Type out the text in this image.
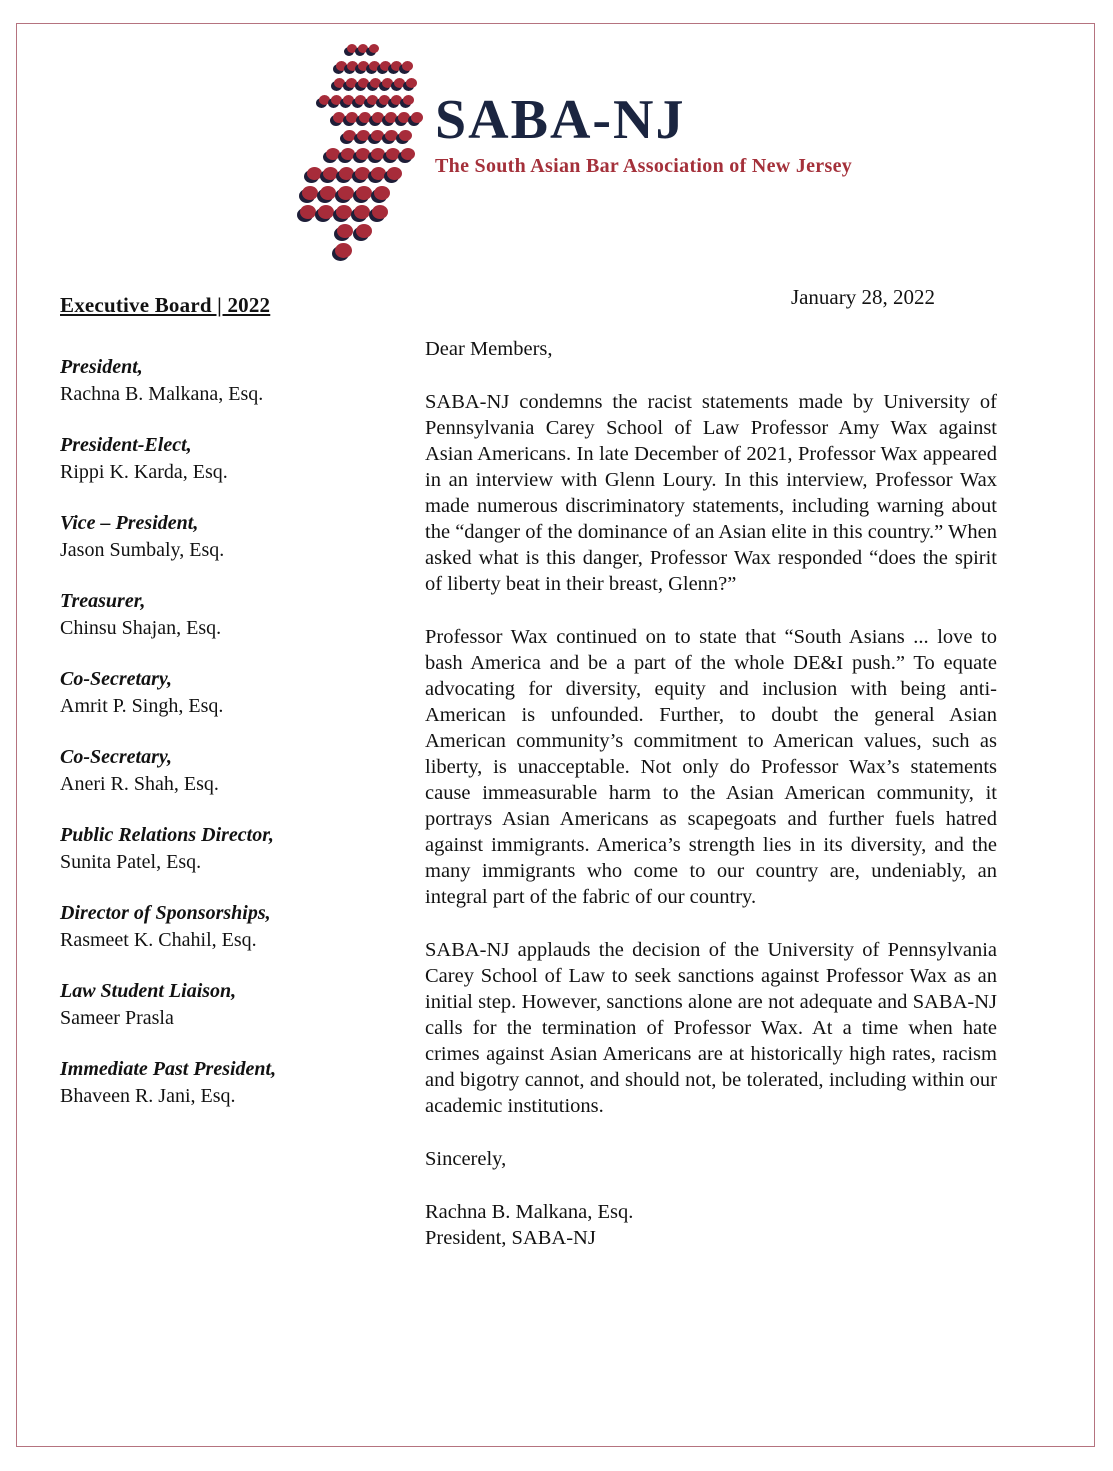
SABA-NJ
The South Asian Bar Association of New Jersey
Executive Board | 2022
President,
Rachna B. Malkana, Esq.
President-Elect,
Rippi K. Karda, Esq.
Vice – President,
Jason Sumbaly, Esq.
Treasurer,
Chinsu Shajan, Esq.
Co-Secretary,
Amrit P. Singh, Esq.
Co-Secretary,
Aneri R. Shah, Esq.
Public Relations Director,
Sunita Patel, Esq.
Director of Sponsorships,
Rasmeet K. Chahil, Esq.
Law Student Liaison,
Sameer Prasla
Immediate Past President,
Bhaveen R. Jani, Esq.
January 28, 2022
Dear Members,

SABA-NJ condemns the racist statements made by University of Pennsylvania Carey School of Law Professor Amy Wax against Asian Americans. In late December of 2021, Professor Wax appeared in an interview with Glenn Loury. In this interview, Professor Wax made numerous discriminatory statements, including warning about the “danger of the dominance of an Asian elite in this country.” When asked what is this danger, Professor Wax responded “does the spirit of liberty beat in their breast, Glenn?”

Professor Wax continued on to state that “South Asians ... love to bash America and be a part of the whole DE&I push.” To equate advocating for diversity, equity and inclusion with being anti-American is unfounded. Further, to doubt the general Asian American community’s commitment to American values, such as liberty, is unacceptable. Not only do Professor Wax’s statements cause immeasurable harm to the Asian American community, it portrays Asian Americans as scapegoats and further fuels hatred against immigrants. America’s strength lies in its diversity, and the many immigrants who come to our country are, undeniably, an integral part of the fabric of our country.

SABA-NJ applauds the decision of the University of Pennsylvania Carey School of Law to seek sanctions against Professor Wax as an initial step. However, sanctions alone are not adequate and SABA-NJ calls for the termination of Professor Wax. At a time when hate crimes against Asian Americans are at historically high rates, racism and bigotry cannot, and should not, be tolerated, including within our academic institutions.

Sincerely,
Rachna B. Malkana, Esq.
President, SABA-NJ
